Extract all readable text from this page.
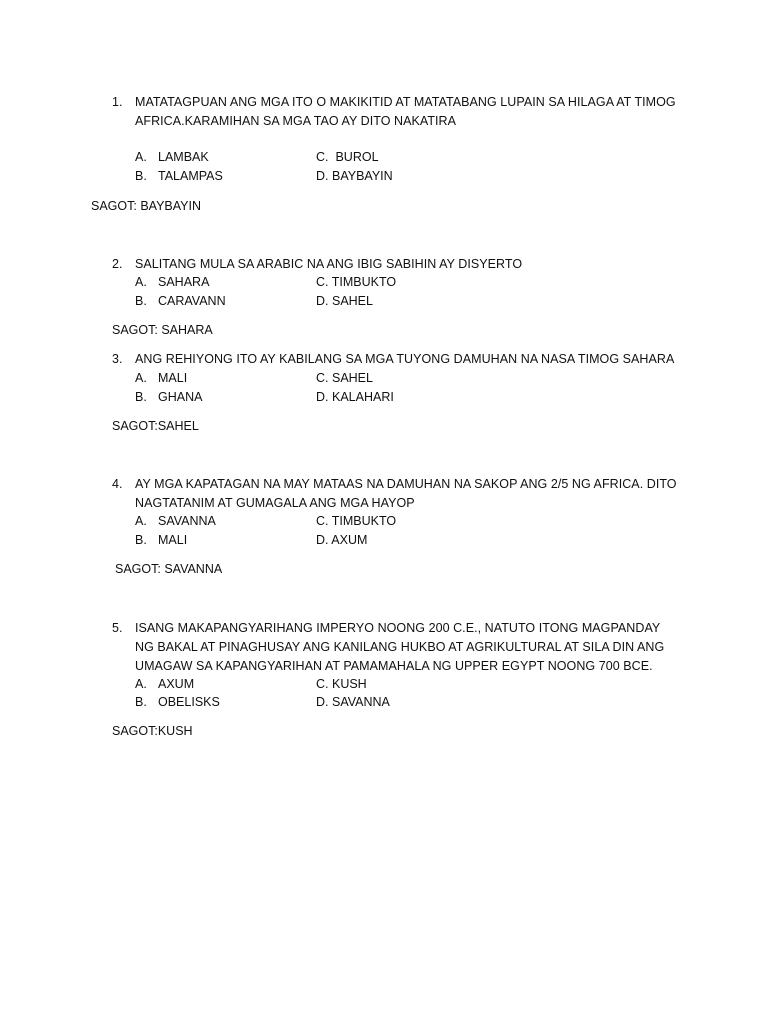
1. MATATAGPUAN ANG MGA ITO O MAKIKITID AT MATATABANG LUPAIN SA HILAGA AT TIMOG AFRICA.KARAMIHAN SA MGA TAO AY DITO NAKATIRA
A. LAMBAK
B. TALAMPAS
C. BUROL
D. BAYBAYIN
SAGOT: BAYBAYIN
2. SALITANG MULA SA ARABIC NA ANG IBIG SABIHIN AY DISYERTO
A. SAHARA
B. CARAVANN
C. TIMBUKTO
D. SAHEL
SAGOT: SAHARA
3. ANG REHIYONG ITO AY KABILANG SA MGA TUYONG DAMUHAN NA NASA TIMOG SAHARA
A. MALI
B. GHANA
C. SAHEL
D. KALAHARI
SAGOT:SAHEL
4. AY MGA KAPATAGAN NA MAY MATAAS NA DAMUHAN NA SAKOP ANG 2/5 NG AFRICA. DITO NAGTATANIM AT GUMAGALA ANG MGA HAYOP
A. SAVANNA
B. MALI
C. TIMBUKTO
D. AXUM
SAGOT: SAVANNA
5. ISANG MAKAPANGYARIHANG IMPERYO NOONG 200 C.E., NATUTO ITONG MAGPANDAY NG BAKAL AT PINAGHUSAY ANG KANILANG HUKBO AT AGRIKULTURAL AT SILA DIN ANG UMAGAW SA KAPANGYARIHAN AT PAMAMAHALA NG UPPER EGYPT NOONG 700 BCE.
A. AXUM
B. OBELISKS
C. KUSH
D. SAVANNA
SAGOT:KUSH
